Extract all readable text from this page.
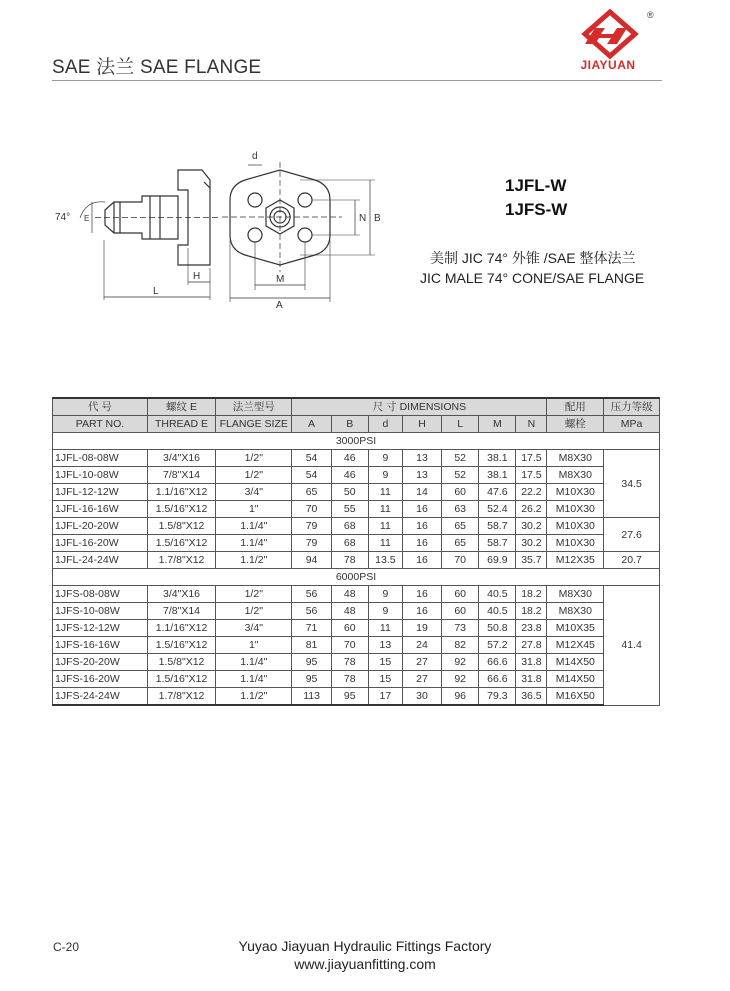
SAE 法兰 SAE FLANGE
®
JIAYUAN
74° E
H
L
d
M
A
N B
1JFL-W
1JFS-W
美制 JIC 74° 外锥 /SAE 整体法兰
JIC MALE 74° CONE/SAE FLANGE
代 号	螺纹 E	法兰型号	尺 寸 DIMENSIONS							配用	压力等级
PART NO.	THREAD E	FLANGE SIZE	A	B	d	H	L	M	N	螺栓	MPa
3000PSI											
1JFL-08-08W	3/4"X16	1/2"	54	46	9	13	52	38.1	17.5	M8X30	34.5
1JFL-10-08W	7/8"X14	1/2"	54	46	9	13	52	38.1	17.5	M8X30	
1JFL-12-12W	1.1/16"X12	3/4"	65	50	11	14	60	47.6	22.2	M10X30	
1JFL-16-16W	1.5/16"X12	1"	70	55	11	16	63	52.4	26.2	M10X30	
1JFL-20-20W	1.5/8"X12	1.1/4"	79	68	11	16	65	58.7	30.2	M10X30	27.6
1JFL-16-20W	1.5/16"X12	1.1/4"	79	68	11	16	65	58.7	30.2	M10X30	
1JFL-24-24W	1.7/8"X12	1.1/2"	94	78	13.5	16	70	69.9	35.7	M12X35	20.7
6000PSI											
1JFS-08-08W	3/4"X16	1/2"	56	48	9	16	60	40.5	18.2	M8X30	41.4
1JFS-10-08W	7/8"X14	1/2"	56	48	9	16	60	40.5	18.2	M8X30	
1JFS-12-12W	1.1/16"X12	3/4"	71	60	11	19	73	50.8	23.8	M10X35	
1JFS-16-16W	1.5/16"X12	1"	81	70	13	24	82	57.2	27.8	M12X45	
1JFS-20-20W	1.5/8"X12	1.1/4"	95	78	15	27	92	66.6	31.8	M14X50	
1JFS-16-20W	1.5/16"X12	1.1/4"	95	78	15	27	92	66.6	31.8	M14X50	
1JFS-24-24W	1.7/8"X12	1.1/2"	113	95	17	30	96	79.3	36.5	M16X50	
C-20	Yuyao Jiayuan Hydraulic Fittings Factory
www.jiayuanfitting.com
